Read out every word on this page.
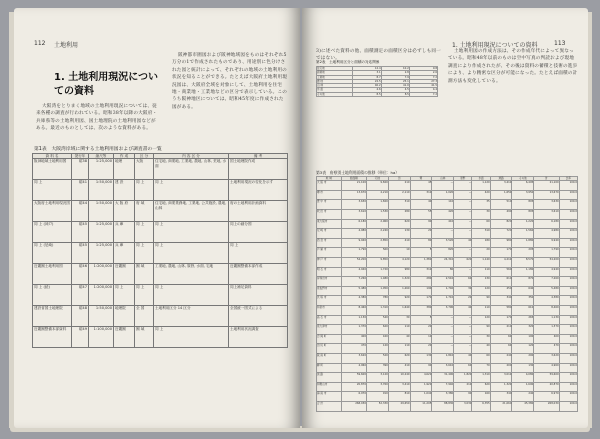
112 土地利用
1. 土地利用現況についての資料
大阪湾をとりまく地域の土地利用現況については、従来各種の調査が行われている。昭和38年以降の大阪府・兵庫県等の土地利用図、国土地理院の土地利用図などがある。最近のものとしては、次のような資料がある。
阪神都市圏図および阪神地域図をものはそれぞれ5万分の1で作成されたものであり、用途別に色分けされた図と統計によって、それぞれの地域の土地利用の状況を知ることができる。たとえば大阪府土地利用現況図は、大阪府全域を対象にして、土地利用を住宅地・商業地・工業地などの区分で表示している。このうち阪神地区については、昭和45年度に作成された図がある。
第1表　大阪湾岸域に関する土地利用図および調査書の一覧
資 料 名	発行年	縮尺等	作 成	区 分	内 容 区 分	備 考
阪神地域土地利用図	昭38	1:25,000	地理	大阪	住宅地, 商業地, 工業地, 農地, 山林, 荒地, 水面	国土地理院作成
同 上	昭41	1:50,000	建 設	同 上	同 上	土地利用現況の変化を示す
大阪府土地利用現況図	昭44	1:50,000	大 阪 府	府 域	住宅地, 商業業務地, 工業地, 公共施設, 農地, 山林	府の土地利用計画資料
同 上 (神戸)	昭45	1:25,000	兵 庫	同 上	同 上	同上の細分図
同 上 (尼崎)	昭45	1:25,000	兵 庫	同 上	同 上	同 上
近畿圏土地利用図	昭46	1:200,000	近畿圏	圏 域	工業地, 農地, 山林, 原野, 水面, 宅地	近畿圏整備本部作成
同 上 (続)	昭47	1:200,000	同 上	同 上	同 上	同上補足資料
建設省国土地理院	昭48	1:50,000	地理院	全 国	土地利用区分 14 区分	全国統一図式による
近畿圏整備本部資料	昭49	1:100,000	近畿圏	圏 域	同 上	土地利用状況調査
1. 土地利用現況についての資料	113
3)に述べた資料の他、面積測定の面積区分は必ずしも同一ではない。
第2表　土地利用区分と面積の対応関係
住宅地	12.4	10.2	9.8
商業地	3.1	2.8	2.6
工業地	8.7	7.9	7.2
農 地	22.5	25.1	27.3
山 林	40.2	41.0	41.5
水 面	4.6	4.5	4.4
その他	8.5	8.5	7.2
土地利用図の作成方法は、その作成年代によって異なっている。昭和48年以前のものは空中写真の判読および現地調査により作成されたが、その後は資料の蓄積と技術の進歩により、より精密な区分が可能になった。たとえば面積の計測方法も変化している。
第3表　府県別土地利用面積の推移（単位：ha）
地 域	総面積	宅地	田	畑	山林	原野	水面	道路	その他	計	比率
大 阪 市	21,100	9,820	210	45	—	—	1,120	3,410	6,495	21,100	100.0
堺 市	13,670	4,210	2,110	310	1,020	—	420	1,650	3,950	13,670	100.0
豊 中 市	3,630	1,820	310	40	110	—	35	510	805	3,630	100.0
吹 田 市	3,610	1,530	280	55	420	—	30	490	805	3,610	100.0
東大阪市	6,180	2,960	620	90	410	—	60	820	1,220	6,180	100.0
尼 崎 市	4,980	2,240	130	20	—	—	310	720	1,560	4,980	100.0
西 宮 市	9,940	2,850	410	80	3,520	40	180	980	1,880	9,940	100.0
芦 屋 市	1,790	560	10	5	820	—	20	170	205	1,790	100.0
神 戸 市	54,200	9,850	4,120	1,380	24,310	620	1,140	4,210	8,570	54,200	100.0
明 石 市	4,940	1,720	980	310	80	—	110	560	1,180	4,940	100.0
岸和田市	7,260	1,480	1,320	280	2,510	60	130	610	870	7,260	100.0
泉佐野市	5,480	1,050	1,260	190	1,740	30	120	450	640	5,480	100.0
貝 塚 市	4,380	780	920	170	1,710	20	90	340	350	4,380	100.0
和泉市	8,460	1,310	1,640	380	3,790	40	110	580	610	8,460	100.0
高 石 市	1,130	540	30	5	—	—	120	170	265	1,130	100.0
泉大津市	1,370	620	110	20	—	—	90	210	320	1,370	100.0
忠 岡 町	400	160	40	10	—	—	30	60	100	400	100.0
田 尻 町	470	120	110	20	—	—	40	60	120	470	100.0
阪 南 町	3,620	520	620	130	1,810	40	60	240	200	3,620	100.0
岬 町	4,960	390	410	90	3,610	60	70	200	130	4,960	100.0
淡 路	59,600	3,120	10,240	4,620	31,400	1,820	1,310	3,010	4,080	59,600	100.0
和歌山市	20,870	3,760	3,410	1,920	7,940	210	620	1,320	1,690	20,870	100.0
海 南 市	6,970	910	810	1,040	3,380	90	160	340	240	6,970	100.0
合 計	268,030	52,330	29,650	11,205	88,830	3,030	6,355	21,060	45,380	268,030	100.0
